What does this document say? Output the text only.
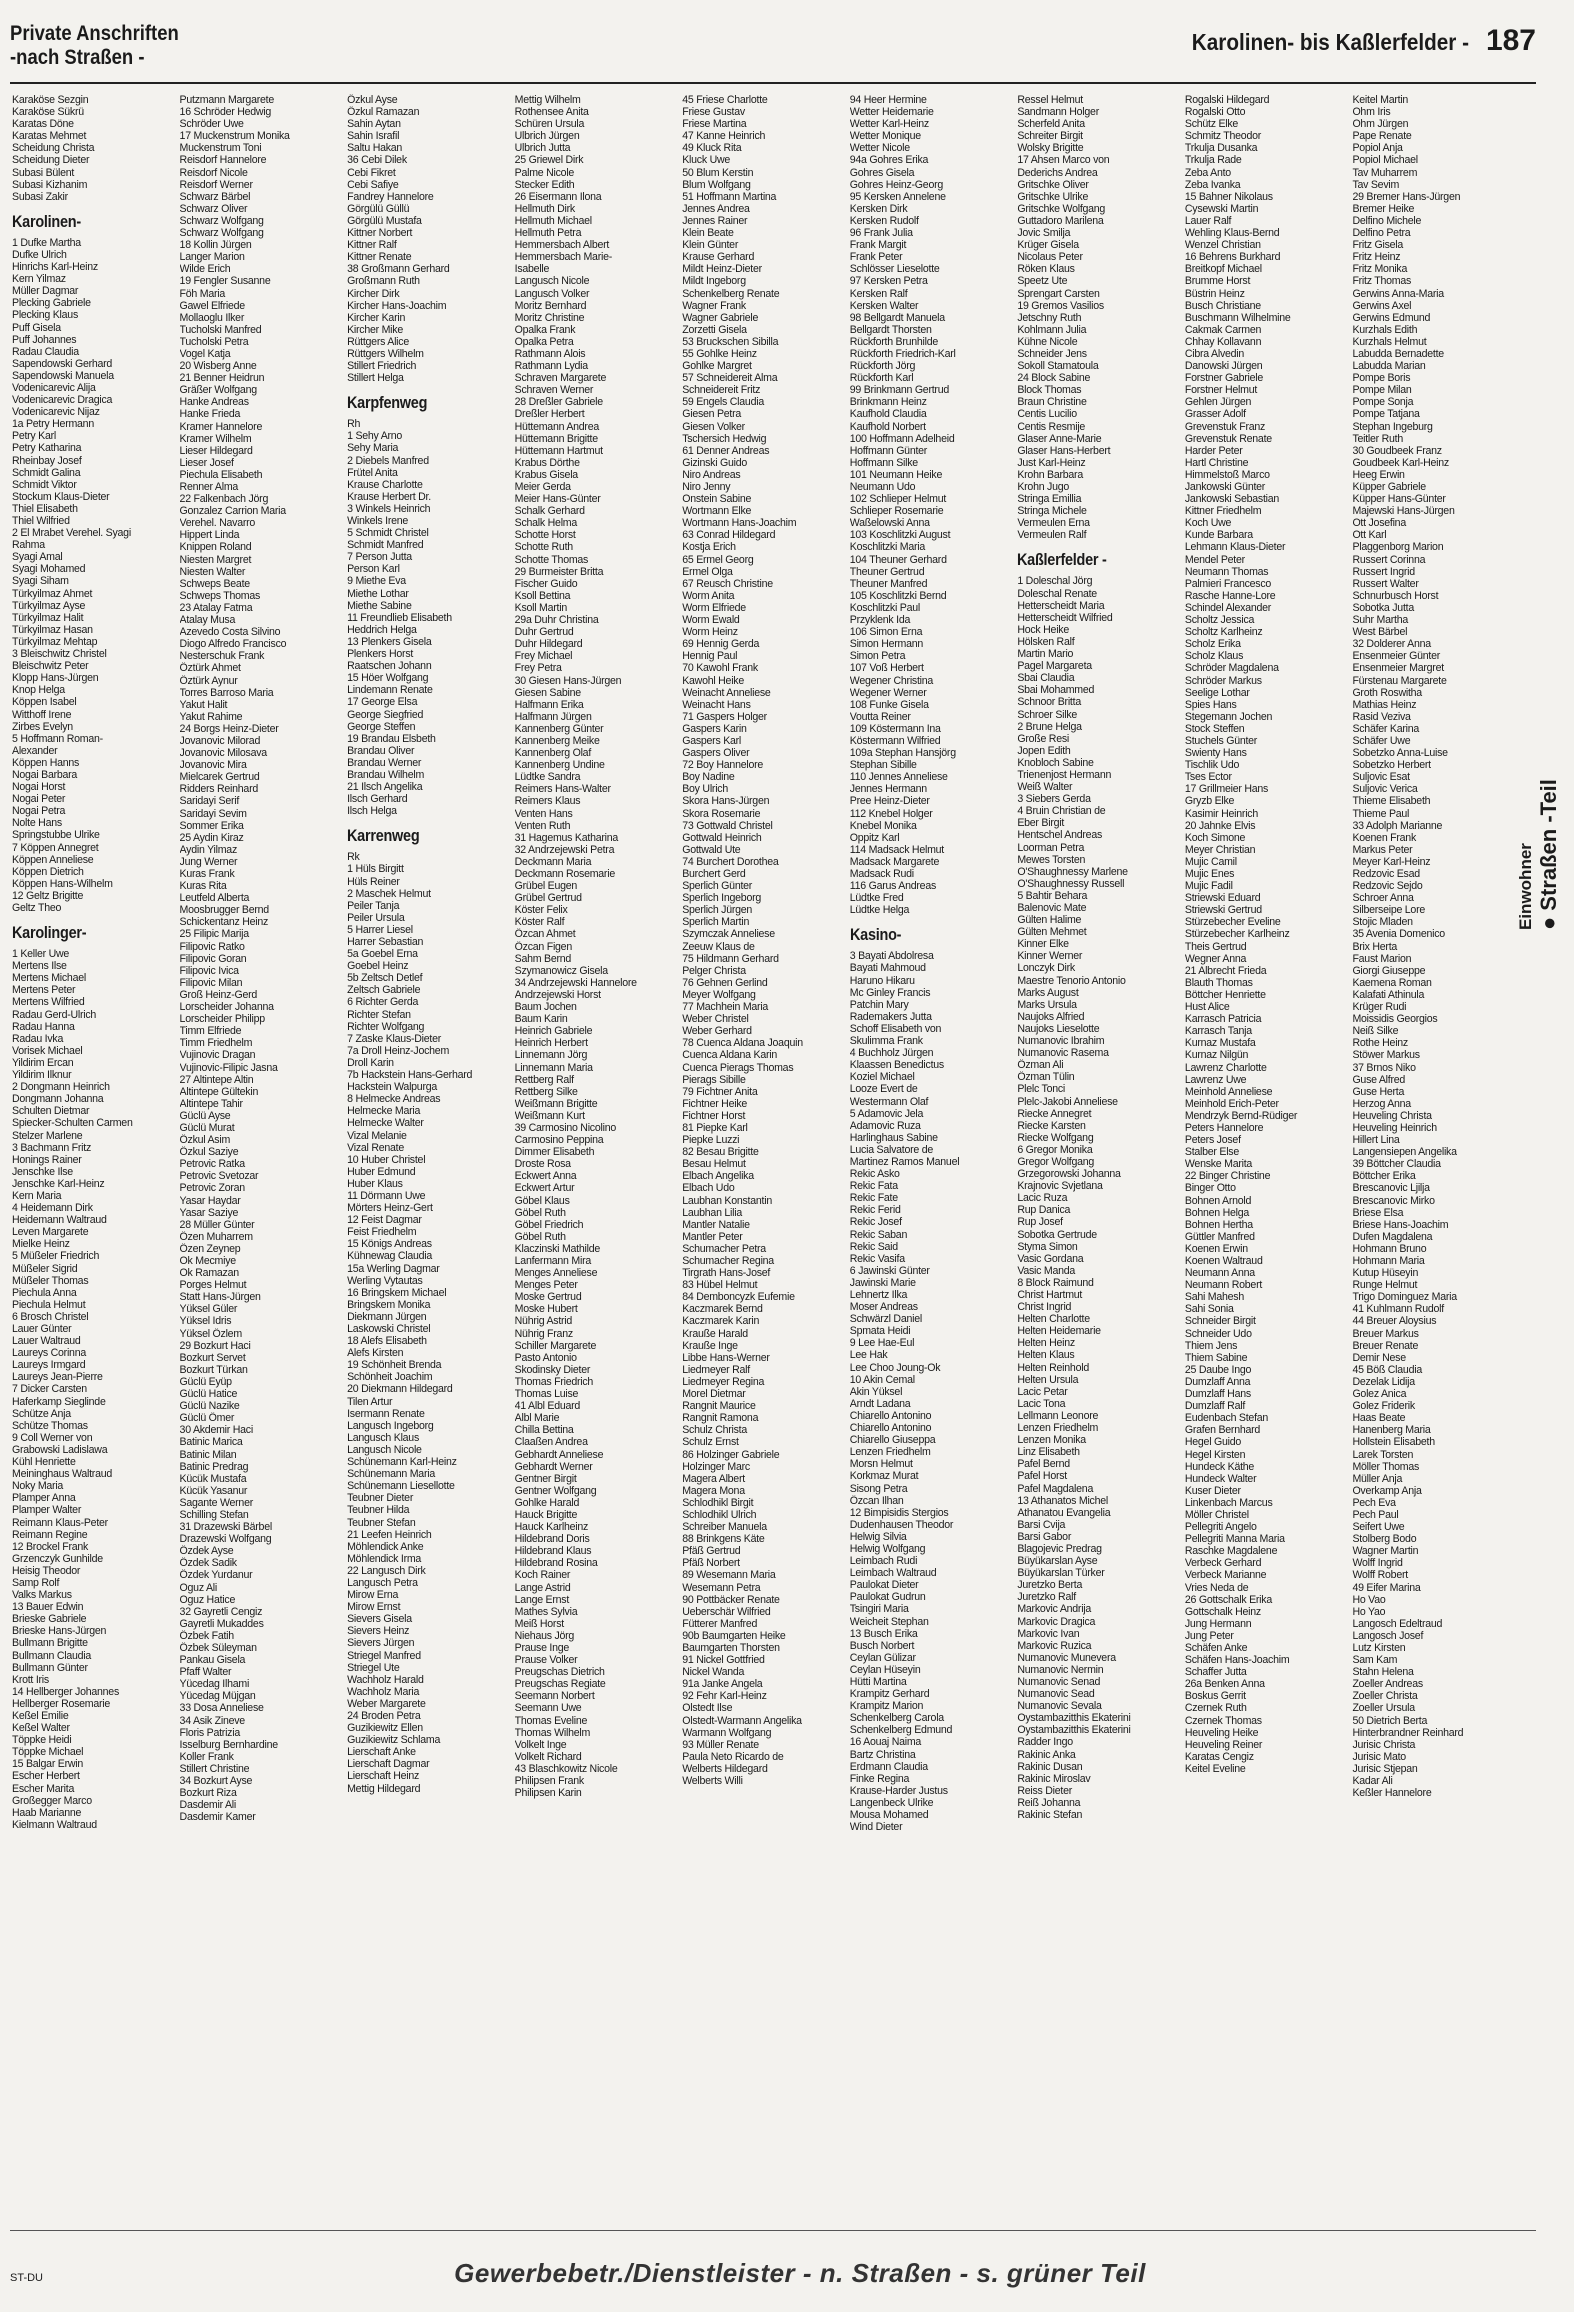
Private Anschriften
-nach Straßen -
Karolinen- bis Kaßlerfelder - 187
Karaköse Sezgin
Karaköse Sükrü
Karatas Döne
Karatas Mehmet
Scheidung Christa
Scheidung Dieter
Subasi Bülent
Subasi Kizhanim
Subasi Zakir
Karolinen-
1 Dufke Martha
Dufke Ulrich
Hinrichs Karl-Heinz
Kern Yilmaz
Müller Dagmar
Plecking Gabriele
Plecking Klaus
Puff Gisela
Puff Johannes
Radau Claudia
Sapendowski Gerhard
Sapendowski Manuela
Vodenicarevic Alija
Vodenicarevic Dragica
Vodenicarevic Nijaz
1a Petry Hermann
Petry Karl
Petry Katharina
Rheinbay Josef
Schmidt Galina
Schmidt Viktor
Stockum Klaus-Dieter
Thiel Elisabeth
Thiel Wilfried
2 El Mrabet Verehel. Syagi
Rahma
Syagi Amal
Syagi Mohamed
Syagi Siham
Türkyilmaz Ahmet
Türkyilmaz Ayse
Türkyilmaz Halit
Türkyilmaz Hasan
Türkyilmaz Mehtap
3 Bleischwitz Christel
Bleischwitz Peter
Klopp Hans-Jürgen
Knop Helga
Köppen Isabel
Witthoff Irene
Zirbes Evelyn
5 Hoffmann Roman-
Alexander
Köppen Hanns
Nogai Barbara
Nogai Horst
Nogai Peter
Nogai Petra
Nolte Hans
Springstubbe Ulrike
7 Köppen Annegret
Köppen Anneliese
Köppen Dietrich
Köppen Hans-Wilhelm
12 Geltz Brigitte
Geltz Theo
Karolinger-
1 Keller Uwe
Mertens Ilse
Mertens Michael
Mertens Peter
Mertens Wilfried
Radau Gerd-Ulrich
Radau Hanna
Radau Ivka
Vorisek Michael
Yildirim Ercan
Yildirim Ilknur
2 Dongmann Heinrich
Dongmann Johanna
Schulten Dietmar
Spiecker-Schulten Carmen
Stelzer Marlene
3 Bachmann Fritz
Honings Rainer
Jenschke Ilse
Jenschke Karl-Heinz
Kern Maria
4 Heidemann Dirk
Heidemann Waltraud
Leven Margarete
Mielke Heinz
5 Müßeler Friedrich
Müßeler Sigrid
Müßeler Thomas
Piechula Anna
Piechula Helmut
6 Brosch Christel
Lauer Günter
Lauer Waltraud
Laureys Corinna
Laureys Irmgard
Laureys Jean-Pierre
7 Dicker Carsten
Haferkamp Sieglinde
Schütze Anja
Schütze Thomas
9 Coll Werner von
Grabowski Ladislawa
Kühl Henriette
Meininghaus Waltraud
Noky Maria
Plamper Anna
Plamper Walter
Reimann Klaus-Peter
Reimann Regine
12 Brockel Frank
Grzenczyk Gunhilde
Heisig Theodor
Samp Rolf
Valks Markus
13 Bauer Edwin
Brieske Gabriele
Brieske Hans-Jürgen
Bullmann Brigitte
Bullmann Claudia
Bullmann Günter
Krott Iris
14 Hellberger Johannes
Hellberger Rosemarie
Keßel Emilie
Keßel Walter
Töppke Heidi
Töppke Michael
15 Balgar Erwin
Escher Herbert
Escher Marita
Großegger Marco
Haab Marianne
Kielmann Waltraud
Putzmann Margarete
16 Schröder Hedwig
Schröder Uwe
17 Muckenstrum Monika
Muckenstrum Toni
Reisdorf Hannelore
Reisdorf Nicole
Reisdorf Werner
Schwarz Bärbel
Schwarz Oliver
Schwarz Wolfgang
Schwarz Wolfgang
18 Kollin Jürgen
Langer Marion
Wilde Erich
19 Fengler Susanne
Föh Maria
Gawel Elfriede
Mollaoglu Ilker
Tucholski Manfred
Tucholski Petra
Vogel Katja
20 Wisberg Anne
21 Benner Heidrun
Gräßer Wolfgang
Hanke Andreas
Hanke Frieda
Kramer Hannelore
Kramer Wilhelm
Lieser Hildegard
Lieser Josef
Piechula Elisabeth
Renner Alma
22 Falkenbach Jörg
Gonzalez Carrion Maria
Verehel. Navarro
Hippert Linda
Knippen Roland
Niesten Margret
Niesten Walter
Schweps Beate
Schweps Thomas
23 Atalay Fatma
Atalay Musa
Azevedo Costa Silvino
Diogo Alfredo Francisco
Nesterschuk Frank
Öztürk Ahmet
Öztürk Aynur
Torres Barroso Maria
Yakut Halit
Yakut Rahime
24 Borgs Heinz-Dieter
Jovanovic Milorad
Jovanovic Milosava
Jovanovic Mira
Mielcarek Gertrud
Ridders Reinhard
Saridayi Serif
Saridayi Sevim
Sommer Erika
25 Aydin Kiraz
Aydin Yilmaz
Jung Werner
Kuras Frank
Kuras Rita
Leutfeld Alberta
Moosbrugger Bernd
Schickentanz Heinz
25 Filipic Marija
Filipovic Ratko
Filipovic Goran
Filipovic Ivica
Filipovic Milan
Groß Heinz-Gerd
Lorscheider Johanna
Lorscheider Philipp
Timm Elfriede
Timm Friedhelm
Vujinovic Dragan
Vujinovic-Filipic Jasna
27 Altintepe Altin
Altintepe Gültekin
Altintepe Tahir
Güclü Ayse
Güclü Murat
Özkul Asim
Özkul Saziye
Petrovic Ratka
Petrovic Svetozar
Petrovic Zoran
Yasar Haydar
Yasar Saziye
28 Müller Günter
Özen Muharrem
Özen Zeynep
Ok Mecmiye
Ok Ramazan
Porges Helmut
Statt Hans-Jürgen
Yüksel Güler
Yüksel Idris
Yüksel Özlem
29 Bozkurt Haci
Bozkurt Servet
Bozkurt Türkan
Güclü Eyüp
Güclü Hatice
Güclü Nazike
Güclü Ömer
30 Akdemir Haci
Batinic Marica
Batinic Milan
Batinic Predrag
Kücük Mustafa
Kücük Yasanur
Sagante Werner
Schilling Stefan
31 Drazewski Bärbel
Drazewski Wolfgang
Özdek Ayse
Özdek Sadik
Özdek Yurdanur
Oguz Ali
Oguz Hatice
32 Gayretli Cengiz
Gayretli Mukaddes
Özbek Fatih
Özbek Süleyman
Pankau Gisela
Pfaff Walter
Yücedag Ilhami
Yücedag Müjgan
33 Dosa Anneliese
34 Asik Zineve
Floris Patrizia
Isselburg Bernhardine
Koller Frank
Stillert Christine
34 Bozkurt Ayse
Bozkurt Riza
Dasdemir Ali
Dasdemir Kamer
Özkul Ayse
Özkul Ramazan
Sahin Aytan
Sahin Israfil
Saltu Hakan
36 Cebi Dilek
Cebi Fikret
Cebi Safiye
Fandrey Hannelore
Görgülü Güllü
Görgülü Mustafa
Kittner Norbert
Kittner Ralf
Kittner Renate
38 Großmann Gerhard
Großmann Ruth
Kircher Dirk
Kircher Hans-Joachim
Kircher Karin
Kircher Mike
Rüttgers Alice
Rüttgers Wilhelm
Stillert Friedrich
Stillert Helga
Karpfenweg
Rh
1 Sehy Arno
Sehy Maria
2 Diebels Manfred
Frütel Anita
Krause Charlotte
Krause Herbert Dr.
3 Winkels Heinrich
Winkels Irene
5 Schmidt Christel
Schmidt Manfred
7 Person Jutta
Person Karl
9 Miethe Eva
Miethe Lothar
Miethe Sabine
11 Freundlieb Elisabeth
Heddrich Helga
13 Plenkers Gisela
Plenkers Horst
Raatschen Johann
15 Höer Wolfgang
Lindemann Renate
17 George Elsa
George Siegfried
George Steffen
19 Brandau Elsbeth
Brandau Oliver
Brandau Werner
Brandau Wilhelm
21 Ilsch Angelika
Ilsch Gerhard
Ilsch Helga
Karrenweg
Rk
1 Hüls Birgitt
Hüls Reiner
2 Maschek Helmut
Peiler Tanja
Peiler Ursula
5 Harrer Liesel
Harrer Sebastian
5a Goebel Erna
Goebel Heinz
5b Zeltsch Detlef
Zeltsch Gabriele
6 Richter Gerda
Richter Stefan
Richter Wolfgang
7 Zaske Klaus-Dieter
7a Droll Heinz-Jochem
Droll Karin
7b Hackstein Hans-Gerhard
Hackstein Walpurga
8 Helmecke Andreas
Helmecke Maria
Helmecke Walter
Vizal Melanie
Vizal Renate
10 Huber Christel
Huber Edmund
Huber Klaus
11 Dörmann Uwe
Mörters Heinz-Gert
12 Feist Dagmar
Feist Friedhelm
15 Königs Andreas
Kühnewag Claudia
15a Werling Dagmar
Werling Vytautas
16 Bringskem Michael
Bringskem Monika
Diekmann Jürgen
Laskowski Christel
18 Alefs Elisabeth
Alefs Kirsten
19 Schönheit Brenda
Schönheit Joachim
20 Diekmann Hildegard
Tilen Artur
Isermann Renate
Langusch Ingeborg
Langusch Klaus
Langusch Nicole
Schünemann Karl-Heinz
Schünemann Maria
Schünemann Liesellotte
Teubner Dieter
Teubner Hilda
Teubner Stefan
21 Leefen Heinrich
Möhlendick Anke
Möhlendick Irma
22 Langusch Dirk
Langusch Petra
Mirow Erna
Mirow Ernst
Sievers Gisela
Sievers Heinz
Sievers Jürgen
Striegel Manfred
Striegel Ute
Wachholz Harald
Wachholz Maria
Weber Margarete
24 Broden Petra
Guzikiewitz Ellen
Guzikiewitz Schlama
Lierschaft Anke
Lierschaft Dagmar
Lierschaft Heinz
Mettig Hildegard
Mettig Wilhelm
Rothensee Anita
Schüren Ursula
Ulbrich Jürgen
Ulbrich Jutta
25 Griewel Dirk
Palme Nicole
Stecker Edith
26 Eisermann Ilona
Hellmuth Dirk
Hellmuth Michael
Hellmuth Petra
Hemmersbach Albert
Hemmersbach Marie-
Isabelle
Langusch Nicole
Langusch Volker
Moritz Bernhard
Moritz Christine
Opalka Frank
Opalka Petra
Rathmann Alois
Rathmann Lydia
Schraven Margarete
Schraven Werner
28 Dreßler Gabriele
Dreßler Herbert
Hüttemann Andrea
Hüttemann Brigitte
Hüttemann Hartmut
Krabus Dörthe
Krabus Gisela
Meier Gerda
Meier Hans-Günter
Schalk Gerhard
Schalk Helma
Schotte Horst
Schotte Ruth
Schotte Thomas
29 Burmeister Britta
Fischer Guido
Ksoll Bettina
Ksoll Martin
29a Duhr Christina
Duhr Gertrud
Duhr Hildegard
Frey Michael
Frey Petra
30 Giesen Hans-Jürgen
Giesen Sabine
Halfmann Erika
Halfmann Jürgen
Kannenberg Günter
Kannenberg Meike
Kannenberg Olaf
Kannenberg Undine
Lüdtke Sandra
Reimers Hans-Walter
Reimers Klaus
Venten Hans
Venten Ruth
31 Hagemus Katharina
32 Andrzejewski Petra
Deckmann Maria
Deckmann Rosemarie
Grübel Eugen
Grübel Gertrud
Köster Felix
Köster Ralf
Özcan Ahmet
Özcan Figen
Sahm Bernd
Szymanowicz Gisela
34 Andrzejewski Hannelore
Andrzejewski Horst
Baum Jochen
Baum Karin
Heinrich Gabriele
Heinrich Herbert
Linnemann Jörg
Linnemann Maria
Rettberg Ralf
Rettberg Silke
Weißmann Brigitte
Weißmann Kurt
39 Carmosino Nicolino
Carmosino Peppina
Dimmer Elisabeth
Droste Rosa
Eckwert Anna
Eckwert Artur
Göbel Klaus
Göbel Ruth
Göbel Friedrich
Göbel Ruth
Klaczinski Mathilde
Lanfermann Mira
Menges Anneliese
Menges Peter
Moske Gertrud
Moske Hubert
Nührig Astrid
Nührig Franz
Schiller Margarete
Pasto Antonio
Skodinsky Dieter
Thomas Friedrich
Thomas Luise
41 Albl Eduard
Albl Marie
Chilla Bettina
Claaßen Andrea
Gebhardt Anneliese
Gebhardt Werner
Gentner Birgit
Gentner Wolfgang
Gohlke Harald
Hauck Brigitte
Hauck Karlheinz
Hildebrand Doris
Hildebrand Klaus
Hildebrand Rosina
Koch Rainer
Lange Astrid
Lange Ernst
Mathes Sylvia
Meiß Horst
Niehaus Jörg
Prause Inge
Prause Volker
Preugschas Dietrich
Preugschas Regiate
Seemann Norbert
Seemann Uwe
Thomas Eveline
Thomas Wilhelm
Volkelt Inge
Volkelt Richard
43 Blaschkowitz Nicole
Philipsen Frank
Philipsen Karin
45 Friese Charlotte
Friese Gustav
Friese Martina
47 Kanne Heinrich
49 Kluck Rita
Kluck Uwe
50 Blum Kerstin
Blum Wolfgang
51 Hoffmann Martina
Jennes Andrea
Jennes Rainer
Klein Beate
Klein Günter
Krause Gerhard
Mildt Heinz-Dieter
Mildt Ingeborg
Schenkelberg Renate
Wagner Frank
Wagner Gabriele
Zorzetti Gisela
53 Bruckschen Sibilla
55 Gohlke Heinz
Gohlke Margret
57 Schneidereit Alma
Schneidereit Fritz
59 Engels Claudia
Giesen Petra
Giesen Volker
Tschersich Hedwig
61 Denner Andreas
Gizinski Guido
Niro Andreas
Niro Jenny
Onstein Sabine
Wortmann Elke
Wortmann Hans-Joachim
63 Conrad Hildegard
Kostja Erich
65 Ermel Georg
Ermel Olga
67 Reusch Christine
Worm Anita
Worm Elfriede
Worm Ewald
Worm Heinz
69 Hennig Gerda
Hennig Paul
70 Kawohl Frank
Kawohl Heike
Weinacht Anneliese
Weinacht Hans
71 Gaspers Holger
Gaspers Karin
Gaspers Karl
Gaspers Oliver
72 Boy Hannelore
Boy Nadine
Boy Ulrich
Skora Hans-Jürgen
Skora Rosemarie
73 Gottwald Christel
Gottwald Heinrich
Gottwald Ute
74 Burchert Dorothea
Burchert Gerd
Sperlich Günter
Sperlich Ingeborg
Sperlich Jürgen
Sperlich Martin
Szymczak Anneliese
Zeeuw Klaus de
75 Hildmann Gerhard
Pelger Christa
76 Gehnen Gerlind
Meyer Wolfgang
77 Machhein Maria
Weber Christel
Weber Gerhard
78 Cuenca Aldana Joaquin
Cuenca Aldana Karin
Cuenca Pierags Thomas
Pierags Sibille
79 Fichtner Anita
Fichtner Heike
Fichtner Horst
81 Piepke Karl
Piepke Luzzi
82 Besau Brigitte
Besau Helmut
Elbach Angelika
Elbach Udo
Laubhan Konstantin
Laubhan Lilia
Mantler Natalie
Mantler Peter
Schumacher Petra
Schumacher Regina
Tirgrath Hans-Josef
83 Hübel Helmut
84 Demboncyzk Eufemie
Kaczmarek Bernd
Kaczmarek Karin
Krauße Harald
Krauße Inge
Libbe Hans-Werner
Liedmeyer Ralf
Liedmeyer Regina
Morel Dietmar
Rangnit Maurice
Rangnit Ramona
Schulz Christa
Schulz Ernst
86 Holzinger Gabriele
Holzinger Marc
Magera Albert
Magera Mona
Schlodhikl Birgit
Schlodhikl Ulrich
Schreiber Manuela
88 Brinkgens Käte
Pfäß Gertrud
Pfäß Norbert
89 Wesemann Maria
Wesemann Petra
90 Pottbäcker Renate
Ueberschär Wilfried
Fütterer Manfred
90b Baumgarten Heike
Baumgarten Thorsten
91 Nickel Gottfried
Nickel Wanda
91a Janke Angela
92 Fehr Karl-Heinz
Olstedt Ilse
Olstedt-Warmann Angelika
Warmann Wolfgang
93 Müller Renate
Paula Neto Ricardo de
Welberts Hildegard
Welberts Willi
94 Heer Hermine
Wetter Heidemarie
Wetter Karl-Heinz
Wetter Monique
Wetter Nicole
94a Gohres Erika
Gohres Gisela
Gohres Heinz-Georg
95 Kersken Annelene
Kersken Dirk
Kersken Rudolf
96 Frank Julia
Frank Margit
Frank Peter
Schlösser Lieselotte
97 Kersken Petra
Kersken Ralf
Kersken Walter
98 Bellgardt Manuela
Bellgardt Thorsten
Rückforth Brunhilde
Rückforth Friedrich-Karl
Rückforth Jörg
Rückforth Karl
99 Brinkmann Gertrud
Brinkmann Heinz
Kaufhold Claudia
Kaufhold Norbert
100 Hoffmann Adelheid
Hoffmann Günter
Hoffmann Silke
101 Neumann Heike
Neumann Udo
102 Schlieper Helmut
Schlieper Rosemarie
Waßelowski Anna
103 Koschlitzki August
Koschlitzki Maria
104 Theuner Gerhard
Theuner Gertrud
Theuner Manfred
105 Koschlitzki Bernd
Koschlitzki Paul
Przyklenk Ida
106 Simon Erna
Simon Hermann
Simon Petra
107 Voß Herbert
Wegener Christina
Wegener Werner
108 Funke Gisela
Voutta Reiner
109 Köstermann Ina
Köstermann Wilfried
109a Stephan Hansjörg
Stephan Sibille
110 Jennes Anneliese
Jennes Hermann
Pree Heinz-Dieter
112 Knebel Holger
Knebel Monika
Oppitz Karl
114 Madsack Helmut
Madsack Margarete
Madsack Rudi
116 Garus Andreas
Lüdtke Fred
Lüdtke Helga
Kasino-
3 Bayati Abdolresa
Bayati Mahmoud
Haruno Hikaru
Mc Ginley Francis
Patchin Mary
Rademakers Jutta
Schoff Elisabeth von
Skulimma Frank
4 Buchholz Jürgen
Klaassen Benedictus
Koziel Michael
Looze Evert de
Westermann Olaf
5 Adamovic Jela
Adamovic Ruza
Harlinghaus Sabine
Lucia Salvatore de
Martinez Ramos Manuel
Rekic Asko
Rekic Fata
Rekic Fate
Rekic Ferid
Rekic Josef
Rekic Saban
Rekic Said
Rekic Vasifa
6 Jawinski Günter
Jawinski Marie
Lehnertz Ilka
Moser Andreas
Schwärzl Daniel
Spmata Heidi
9 Lee Hae-Eul
Lee Hak
Lee Choo Joung-Ok
10 Akin Cemal
Akin Yüksel
Arndt Ladana
Chiarello Antonino
Chiarello Antonino
Chiarello Giuseppa
Lenzen Friedhelm
Morsn Helmut
Korkmaz Murat
Sisong Petra
Özcan Ilhan
12 Bimpisidis Stergios
Dudenhausen Theodor
Helwig Silvia
Helwig Wolfgang
Leimbach Rudi
Leimbach Waltraud
Paulokat Dieter
Paulokat Gudrun
Tsingiri Maria
Weicheit Stephan
13 Busch Erika
Busch Norbert
Ceylan Gülizar
Ceylan Hüseyin
Hütti Martina
Krampitz Gerhard
Krampitz Marion
Schenkelberg Carola
Schenkelberg Edmund
16 Aouaj Naima
Bartz Christina
Erdmann Claudia
Finke Regina
Krause-Harder Justus
Langenbeck Ulrike
Mousa Mohamed
Wind Dieter
Ressel Helmut
Sandmann Holger
Scherfeld Anita
Schreiter Birgit
Wolsky Brigitte
17 Ahsen Marco von
Dederichs Andrea
Gritschke Oliver
Gritschke Ulrike
Gritschke Wolfgang
Guttadoro Marilena
Jovic Smilja
Krüger Gisela
Nicolaus Peter
Röken Klaus
Speetz Ute
Sprengart Carsten
19 Gremos Vasilios
Jetschny Ruth
Kohlmann Julia
Kühne Nicole
Schneider Jens
Sokoll Stamatoula
24 Block Sabine
Block Thomas
Braun Christine
Centis Lucilio
Centis Resmije
Glaser Anne-Marie
Glaser Hans-Herbert
Just Karl-Heinz
Krohn Barbara
Krohn Jugo
Stringa Emillia
Stringa Michele
Vermeulen Erna
Vermeulen Ralf
Kaßlerfelder -
1 Doleschal Jörg
Doleschal Renate
Hetterscheidt Maria
Hetterscheidt Wilfried
Hock Heike
Hölsken Ralf
Martin Mario
Pagel Margareta
Sbai Claudia
Sbai Mohammed
Schnoor Britta
Schroer Silke
2 Brune Helga
Große Resi
Jopen Edith
Knobloch Sabine
Trienenjost Hermann
Weiß Walter
3 Siebers Gerda
4 Bruin Christian de
Eber Birgit
Hentschel Andreas
Loorman Petra
Mewes Torsten
O'Shaughnessy Marlene
O'Shaughnessy Russell
5 Bahtir Behara
Balenovic Mate
Gülten Halime
Gülten Mehmet
Kinner Elke
Kinner Werner
Lonczyk Dirk
Maestre Tenorio Antonio
Marks August
Marks Ursula
Naujoks Alfried
Naujoks Lieselotte
Numanovic Ibrahim
Numanovic Rasema
Özman Ali
Özman Tülin
Plelc Tonci
Plelc-Jakobi Anneliese
Riecke Annegret
Riecke Karsten
Riecke Wolfgang
6 Gregor Monika
Gregor Wolfgang
Grzegorowski Johanna
Krajnovic Svjetlana
Lacic Ruza
Rup Danica
Rup Josef
Sobotka Gertrude
Styma Simon
Vasic Gordana
Vasic Manda
8 Block Raimund
Christ Hartmut
Christ Ingrid
Helten Charlotte
Helten Heidemarie
Helten Heinz
Helten Klaus
Helten Reinhold
Helten Ursula
Lacic Petar
Lacic Tona
Lellmann Leonore
Lenzen Friedhelm
Lenzen Monika
Linz Elisabeth
Pafel Bernd
Pafel Horst
Pafel Magdalena
13 Athanatos Michel
Athanatou Evangelia
Barsi Cvija
Barsi Gabor
Blagojevic Predrag
Büyükarslan Ayse
Büyükarslan Türker
Juretzko Berta
Juretzko Ralf
Markovic Andrija
Markovic Dragica
Markovic Ivan
Markovic Ruzica
Numanovic Munevera
Numanovic Nermin
Numanovic Senad
Numanovic Sead
Numanovic Sevala
Oystambazitthis Ekaterini
Oystambazitthis Ekaterini
Radder Ingo
Rakinic Anka
Rakinic Dusan
Rakinic Miroslav
Reiss Dieter
Reiß Johanna
Rakinic Stefan
Rogalski Hildegard
Rogalski Otto
Schütz Elke
Schmitz Theodor
Trkulja Dusanka
Trkulja Rade
Zeba Anto
Zeba Ivanka
15 Bahner Nikolaus
Cysewski Martin
Lauer Ralf
Wehling Klaus-Bernd
Wenzel Christian
16 Behrens Burkhard
Breitkopf Michael
Brumme Horst
Büstrin Heinz
Busch Christiane
Buschmann Wilhelmine
Cakmak Carmen
Chhay Kollavann
Cibra Alvedin
Danowski Jürgen
Forstner Gabriele
Forstner Helmut
Gehlen Jürgen
Grasser Adolf
Grevenstuk Franz
Grevenstuk Renate
Harder Peter
Hartl Christine
Himmelstoß Marco
Jankowski Günter
Jankowski Sebastian
Kittner Friedhelm
Koch Uwe
Kunde Barbara
Lehmann Klaus-Dieter
Mendel Peter
Neumann Thomas
Palmieri Francesco
Rasche Hanne-Lore
Schindel Alexander
Scholtz Jessica
Scholtz Karlheinz
Scholz Erika
Scholz Klaus
Schröder Magdalena
Schröder Markus
Seelige Lothar
Spies Hans
Stegemann Jochen
Stock Steffen
Stuchels Günter
Swienty Hans
Tischlik Udo
Tses Ector
17 Grillmeier Hans
Gryzb Elke
Kasimir Heinrich
20 Jahnke Elvis
Koch Simone
Meyer Christian
Mujic Camil
Mujic Enes
Mujic Fadil
Striewski Eduard
Striewski Gertrud
Stürzebecher Eveline
Stürzebecher Karlheinz
Theis Gertrud
Wegner Anna
21 Albrecht Frieda
Blauth Thomas
Böttcher Henriette
Hust Alice
Karrasch Patricia
Karrasch Tanja
Kurnaz Mustafa
Kurnaz Nilgün
Lawrenz Charlotte
Lawrenz Uwe
Meinhold Anneliese
Meinhold Erich-Peter
Mendrzyk Bernd-Rüdiger
Peters Hannelore
Peters Josef
Stalber Else
Wenske Marita
22 Binger Christine
Binger Otto
Bohnen Arnold
Bohnen Helga
Bohnen Hertha
Güttler Manfred
Koenen Erwin
Koenen Waltraud
Neumann Anna
Neumann Robert
Sahi Mahesh
Sahi Sonia
Schneider Birgit
Schneider Udo
Thiem Jens
Thiem Sabine
25 Daube Ingo
Dumzlaff Anna
Dumzlaff Hans
Dumzlaff Ralf
Eudenbach Stefan
Grafen Bernhard
Hegel Guido
Hegel Kirsten
Hundeck Käthe
Hundeck Walter
Kuser Dieter
Linkenbach Marcus
Möller Christel
Pellegriti Angelo
Pellegriti Manna Maria
Raschke Magdalene
Verbeck Gerhard
Verbeck Marianne
Vries Neda de
26 Gottschalk Erika
Gottschalk Heinz
Jung Hermann
Jung Peter
Schäfen Anke
Schäfen Hans-Joachim
Schaffer Jutta
26a Benken Anna
Boskus Gerrit
Czernek Ruth
Czernek Thomas
Heuveling Heike
Heuveling Reiner
Karatas Cengiz
Keitel Eveline
Keitel Martin
Ohm Iris
Ohm Jürgen
Pape Renate
Popiol Anja
Popiol Michael
Tav Muharrem
Tav Sevim
29 Bremer Hans-Jürgen
Bremer Heike
Delfino Michele
Delfino Petra
Fritz Gisela
Fritz Heinz
Fritz Monika
Fritz Thomas
Gerwins Anna-Maria
Gerwins Axel
Gerwins Edmund
Kurzhals Edith
Kurzhals Helmut
Labudda Bernadette
Labudda Marian
Pompe Boris
Pompe Milan
Pompe Sonja
Pompe Tatjana
Stephan Ingeburg
Teitler Ruth
30 Goudbeek Franz
Goudbeek Karl-Heinz
Heeg Erwin
Küpper Gabriele
Küpper Hans-Günter
Majewski Hans-Jürgen
Ott Josefina
Ott Karl
Plaggenborg Marion
Russert Corinna
Russert Ingrid
Russert Walter
Schnurbusch Horst
Sobotka Jutta
Suhr Martha
West Bärbel
32 Dolderer Anna
Ensenmeier Günter
Ensenmeier Margret
Fürstenau Margarete
Groth Roswitha
Mathias Heinz
Rasid Veziva
Schäfer Karina
Schäfer Uwe
Sobetzko Anna-Luise
Sobetzko Herbert
Suljovic Esat
Suljovic Verica
Thieme Elisabeth
Thieme Paul
33 Adolph Marianne
Koenen Frank
Markus Peter
Meyer Karl-Heinz
Redzovic Esad
Redzovic Sejdo
Schroer Anna
Silberseipe Lore
Stojic Mladen
35 Avenia Domenico
Brix Herta
Faust Marion
Giorgi Giuseppe
Kaemena Roman
Kalafati Athinula
Krüger Rudi
Moissidis Georgios
Neiß Silke
Rothe Heinz
Stöwer Markus
37 Brnos Niko
Guse Alfred
Guse Herta
Herzog Anna
Heuveling Christa
Heuveling Heinrich
Hillert Lina
Langensiepen Angelika
39 Böttcher Claudia
Böttcher Erika
Brescanovic Ljilja
Brescanovic Mirko
Briese Elsa
Briese Hans-Joachim
Dufen Magdalena
Hohmann Bruno
Hohmann Maria
Kutup Hüseyin
Runge Helmut
Trigo Dominguez Maria
41 Kuhlmann Rudolf
44 Breuer Aloysius
Breuer Markus
Breuer Renate
Demir Nese
45 Böß Claudia
Dezelak Lidija
Golez Anica
Golez Friderik
Haas Beate
Hanenberg Maria
Hollstein Elisabeth
Larek Torsten
Möller Thomas
Müller Anja
Overkamp Anja
Pech Eva
Pech Paul
Seifert Uwe
Stolberg Bodo
Wagner Martin
Wolff Ingrid
Wolff Robert
49 Eifer Marina
Ho Vao
Ho Yao
Langosch Edeltraud
Langosch Josef
Lutz Kirsten
Sam Kam
Stahn Helena
Zoeller Andreas
Zoeller Christa
Zoeller Ursula
50 Dietrich Berta
Hinterbrandner Reinhard
Jurisic Christa
Jurisic Mato
Jurisic Stjepan
Kadar Ali
Keßler Hannelore
Einwohner ●Straßen -Teil
ST-DU	Gewerbebetr./Dienstleister - n. Straßen - s. grüner Teil
